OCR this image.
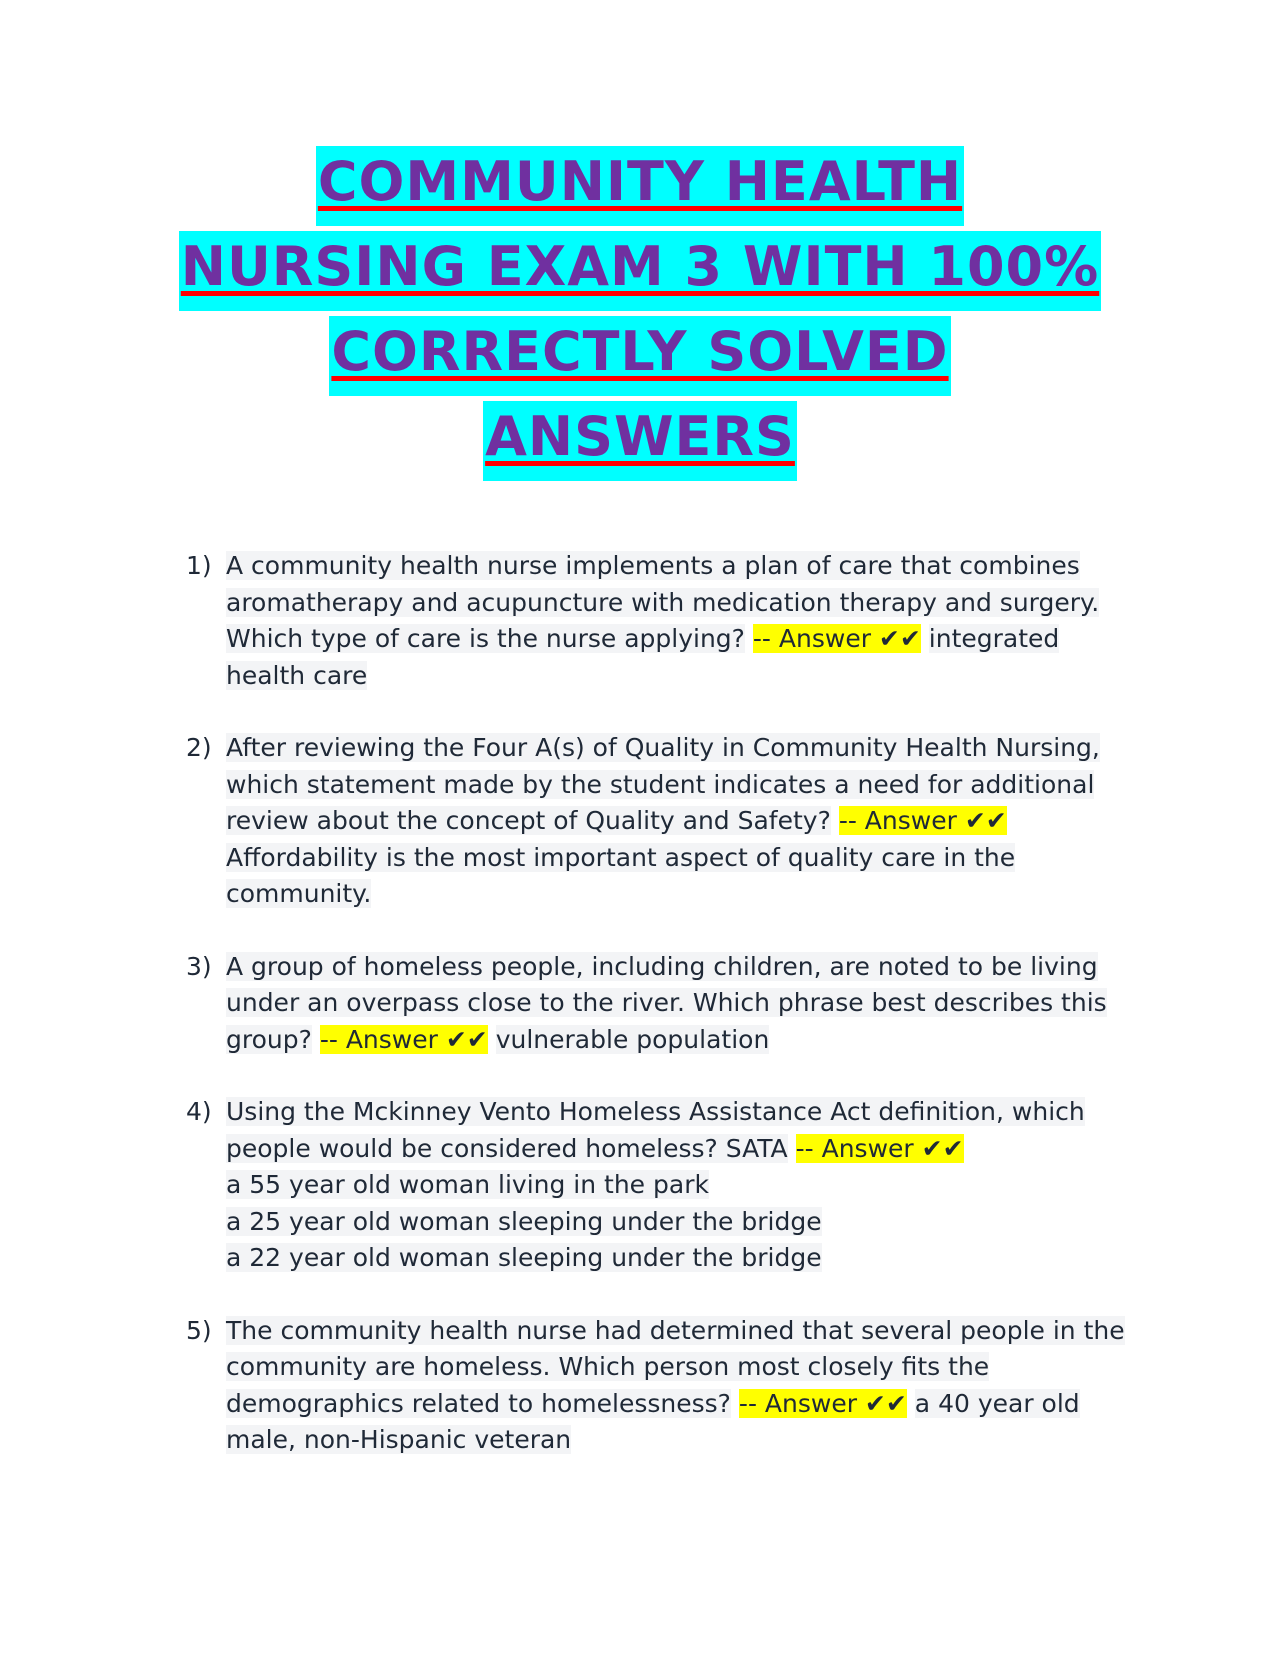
COMMUNITY HEALTH
NURSING EXAM 3 WITH 100%
CORRECTLY SOLVED
ANSWERS
1) A community health nurse implements a plan of care that combines aromatherapy and acupuncture with medication therapy and surgery. Which type of care is the nurse applying? -- Answer ✔✔ integrated health care
2) After reviewing the Four A(s) of Quality in Community Health Nursing, which statement made by the student indicates a need for additional review about the concept of Quality and Safety? -- Answer ✔✔ Affordability is the most important aspect of quality care in the community.
3) A group of homeless people, including children, are noted to be living under an overpass close to the river. Which phrase best describes this group? -- Answer ✔✔ vulnerable population
4) Using the Mckinney Vento Homeless Assistance Act definition, which people would be considered homeless? SATA -- Answer ✔✔
a 55 year old woman living in the park
a 25 year old woman sleeping under the bridge
a 22 year old woman sleeping under the bridge
5) The community health nurse had determined that several people in the community are homeless. Which person most closely fits the demographics related to homelessness? -- Answer ✔✔ a 40 year old male, non-Hispanic veteran
